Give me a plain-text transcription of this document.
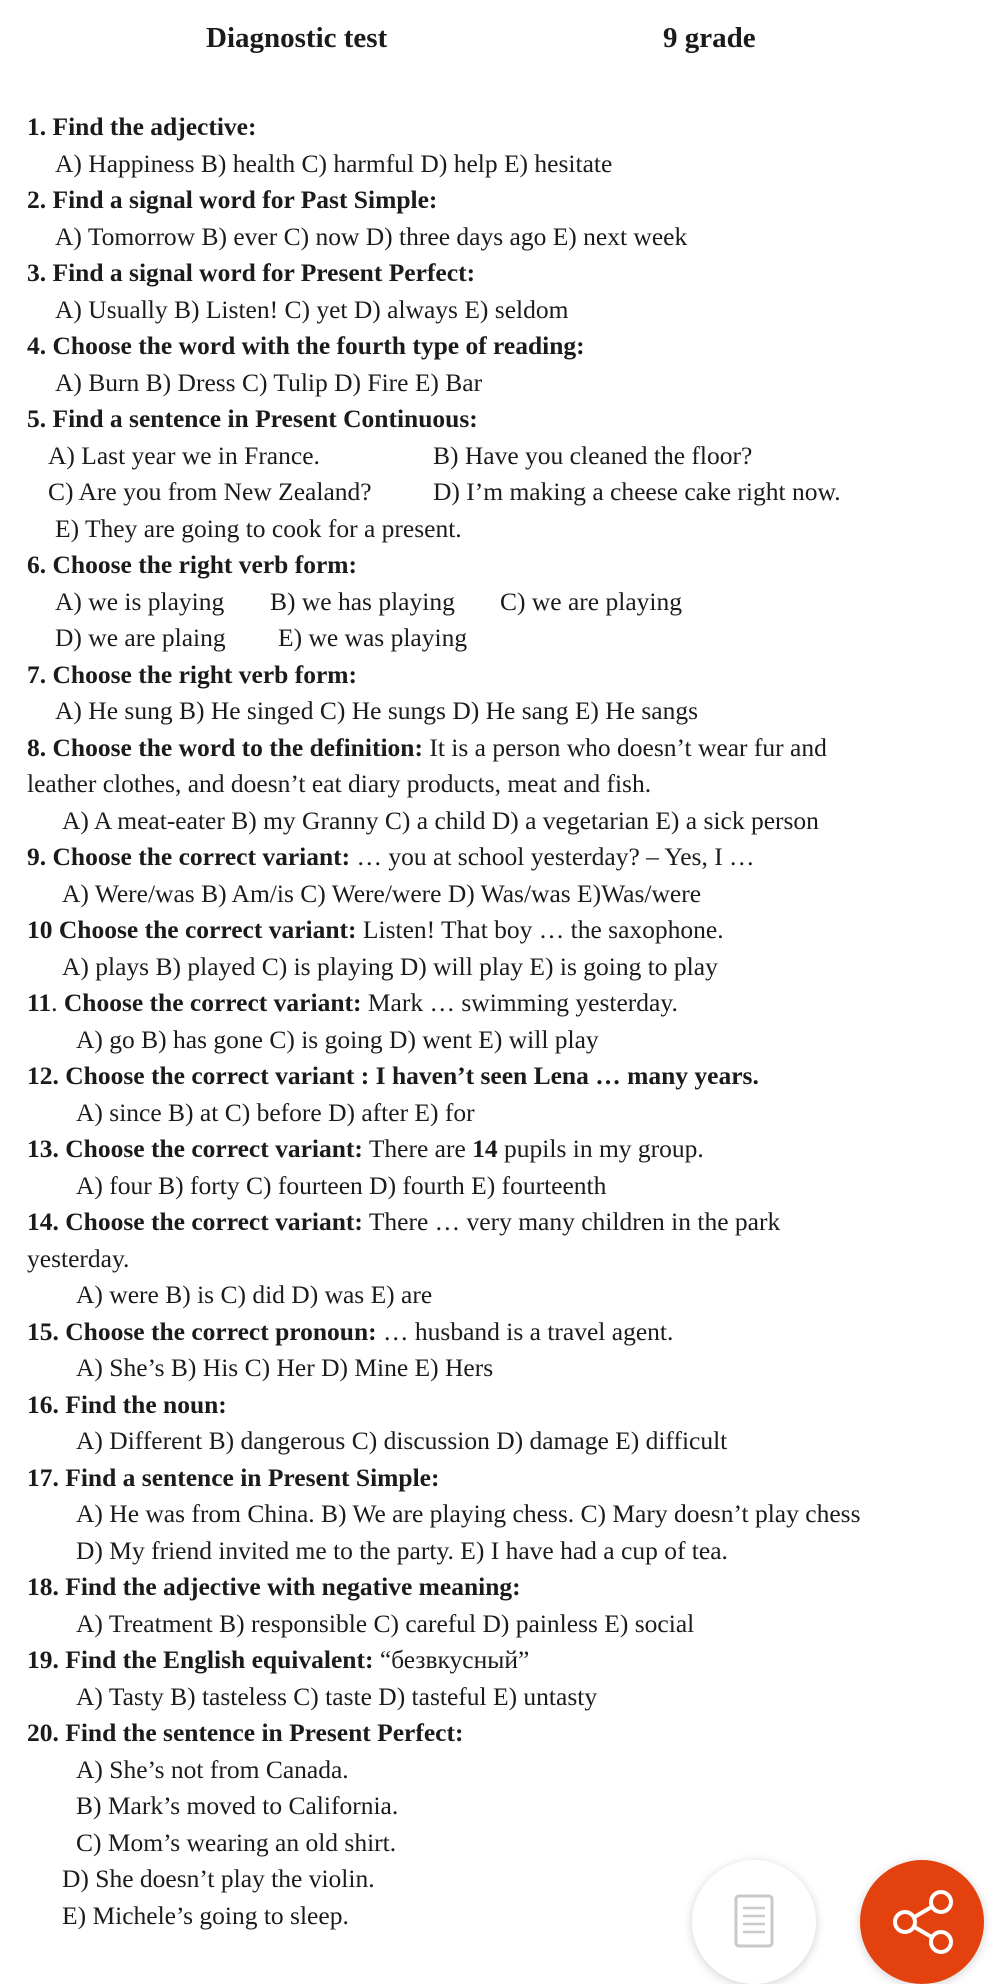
Diagnostic test	9 grade
1. Find the adjective:
A) Happiness B) health C) harmful D) help E) hesitate
2. Find a signal word for Past Simple:
A) Tomorrow B) ever C) now D) three days ago E) next week
3. Find a signal word for Present Perfect:
A) Usually B) Listen! C) yet D) always E) seldom
4. Choose the word with the fourth type of reading:
A) Burn B) Dress C) Tulip D) Fire E) Bar
5. Find a sentence in Present Continuous:
A) Last year we in France.	B) Have you cleaned the floor?
C) Are you from New Zealand? D) I’m making a cheese cake right now.
E) They are going to cook for a present.
6. Choose the right verb form:
A) we is playing B) we has playing C) we are playing
D) we are plaing E) we was playing
7. Choose the right verb form:
A) He sung B) He singed C) He sungs D) He sang E) He sangs
8. Choose the word to the definition: It is a person who doesn’t wear fur and
leather clothes, and doesn’t eat diary products, meat and fish.
A) A meat-eater B) my Granny C) a child D) a vegetarian E) a sick person
9. Choose the correct variant: … you at school yesterday? – Yes, I …
A) Were/was B) Am/is C) Were/were D) Was/was E)Was/were
10 Choose the correct variant: Listen! That boy … the saxophone.
A) plays B) played C) is playing D) will play E) is going to play
11. Choose the correct variant: Mark … swimming yesterday.
A) go B) has gone C) is going D) went E) will play
12. Choose the correct variant : I haven’t seen Lena … many years.
A) since B) at C) before D) after E) for
13. Choose the correct variant: There are 14 pupils in my group.
A) four B) forty C) fourteen D) fourth E) fourteenth
14. Choose the correct variant: There … very many children in the park
yesterday.
A) were B) is C) did D) was E) are
15. Choose the correct pronoun: … husband is a travel agent.
A) She’s B) His C) Her D) Mine E) Hers
16. Find the noun:
A) Different B) dangerous C) discussion D) damage E) difficult
17. Find a sentence in Present Simple:
A) He was from China. B) We are playing chess. C) Mary doesn’t play chess
D) My friend invited me to the party. E) I have had a cup of tea.
18. Find the adjective with negative meaning:
A) Treatment B) responsible C) careful D) painless E) social
19. Find the English equivalent: “безвкусный”
A) Tasty B) tasteless C) taste D) tasteful E) untasty
20. Find the sentence in Present Perfect:
A) She’s not from Canada.
B) Mark’s moved to California.
C) Mom’s wearing an old shirt.
D) She doesn’t play the violin.
E) Michele’s going to sleep.
